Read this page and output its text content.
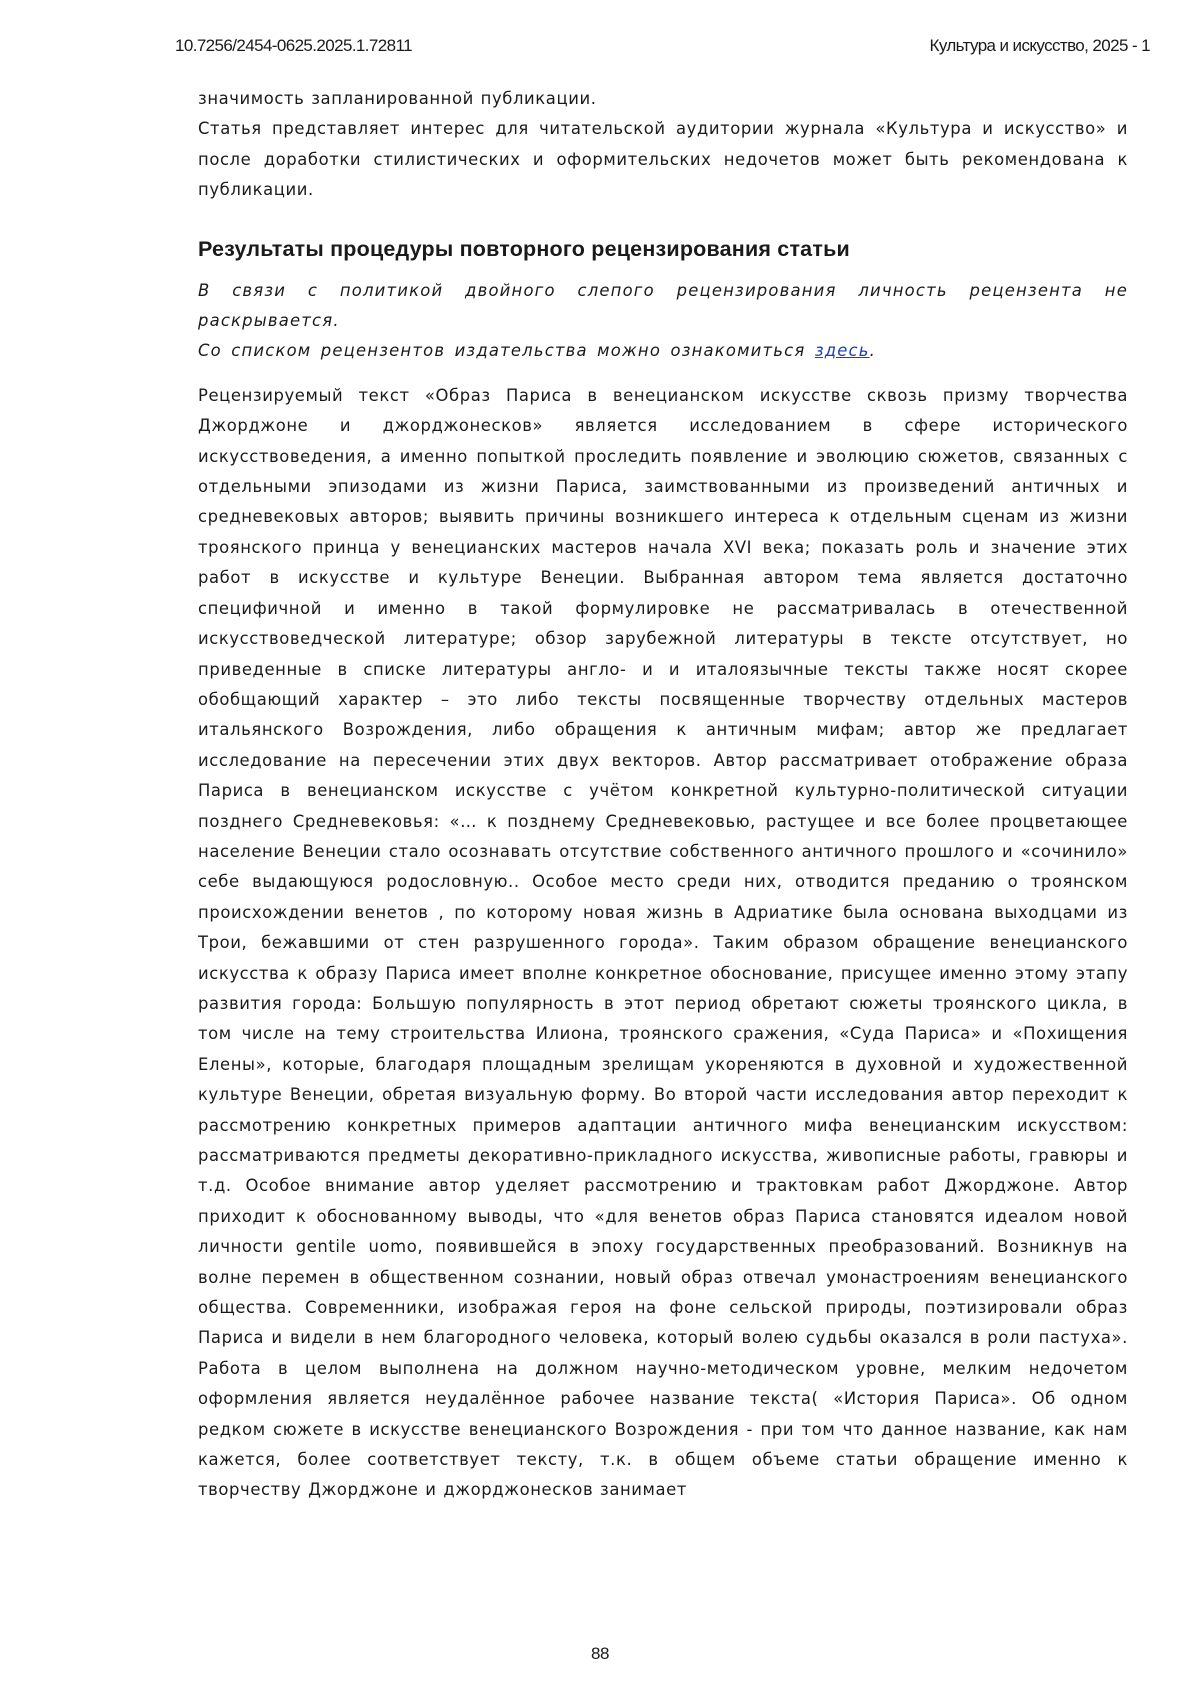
10.7256/2454-0625.2025.1.72811	Культура и искусство, 2025 - 1

значимость запланированной публикации.

Статья представляет интерес для читательской аудитории журнала «Культура и искусство» и после доработки стилистических и оформительских недочетов может быть рекомендована к публикации.

Результаты процедуры повторного рецензирования статьи

В связи с политикой двойного слепого рецензирования личность рецензента не раскрывается.

Со списком рецензентов издательства можно ознакомиться здесь.

Рецензируемый текст «Образ Париса в венецианском искусстве сквозь призму творчества Джорджоне и джорджонесков» является исследованием в сфере исторического искусствоведения, а именно попыткой проследить появление и эволюцию сюжетов, связанных с отдельными эпизодами из жизни Париса, заимствованными из произведений античных и средневековых авторов; выявить причины возникшего интереса к отдельным сценам из жизни троянского принца у венецианских мастеров начала XVI века; показать роль и значение этих работ в искусстве и культуре Венеции. Выбранная автором тема является достаточно специфичной и именно в такой формулировке не рассматривалась в отечественной искусствоведческой литературе; обзор зарубежной литературы в тексте отсутствует, но приведенные в списке литературы англо- и и италоязычные тексты также носят скорее обобщающий характер – это либо тексты посвященные творчеству отдельных мастеров итальянского Возрождения, либо обращения к античным мифам; автор же предлагает исследование на пересечении этих двух векторов. Автор рассматривает отображение образа Париса в венецианском искусстве с учётом конкретной культурно-политической ситуации позднего Средневековья: «… к позднему Средневековью, растущее и все более процветающее население Венеции стало осознавать отсутствие собственного античного прошлого и «сочинило» себе выдающуюся родословную.. Особое место среди них, отводится преданию о троянском происхождении венетов , по которому новая жизнь в Адриатике была основана выходцами из Трои, бежавшими от стен разрушенного города». Таким образом обращение венецианского искусства к образу Париса имеет вполне конкретное обоснование, присущее именно этому этапу развития города: Большую популярность в этот период обретают сюжеты троянского цикла, в том числе на тему строительства Илиона, троянского сражения, «Суда Париса» и «Похищения Елены», которые, благодаря площадным зрелищам укореняются в духовной и художественной культуре Венеции, обретая визуальную форму. Во второй части исследования автор переходит к рассмотрению конкретных примеров адаптации античного мифа венецианским искусством: рассматриваются предметы декоративно-прикладного искусства, живописные работы, гравюры и т.д. Особое внимание автор уделяет рассмотрению и трактовкам работ Джорджоне. Автор приходит к обоснованному выводы, что «для венетов образ Париса становятся идеалом новой личности gentile uomo, появившейся в эпоху государственных преобразований. Возникнув на волне перемен в общественном сознании, новый образ отвечал умонастроениям венецианского общества. Современники, изображая героя на фоне сельской природы, поэтизировали образ Париса и видели в нем благородного человека, который волею судьбы оказался в роли пастуха». Работа в целом выполнена на должном научно-методическом уровне, мелким недочетом оформления является неудалённое рабочее название текста( «История Париса». Об одном редком сюжете в искусстве венецианского Возрождения - при том что данное название, как нам кажется, более соответствует тексту, т.к. в общем объеме статьи обращение именно к творчеству Джорджоне и джорджонесков занимает

88
